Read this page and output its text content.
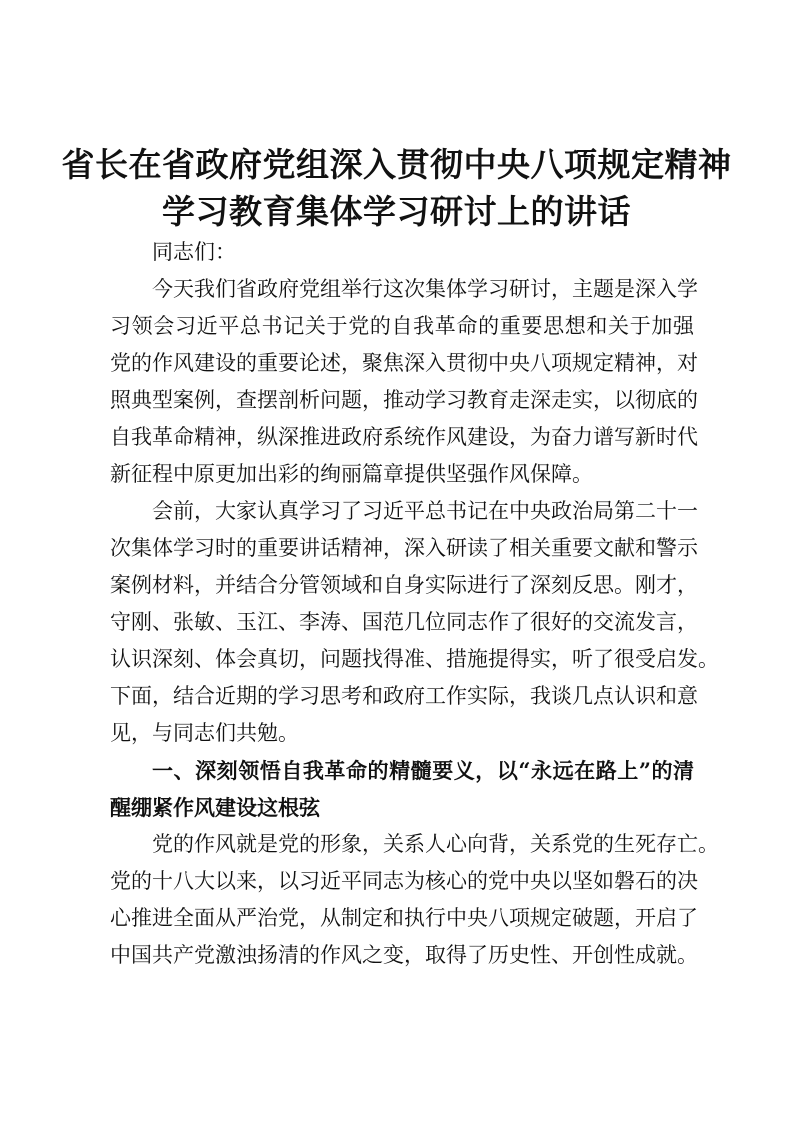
省长在省政府党组深入贯彻中央八项规定精神
学习教育集体学习研讨上的讲话
同志们：
今天我们省政府党组举行这次集体学习研讨，主题是深入学
习领会习近平总书记关于党的自我革命的重要思想和关于加强
党的作风建设的重要论述，聚焦深入贯彻中央八项规定精神，对
照典型案例，查摆剖析问题，推动学习教育走深走实，以彻底的
自我革命精神，纵深推进政府系统作风建设，为奋力谱写新时代
新征程中原更加出彩的绚丽篇章提供坚强作风保障。
会前，大家认真学习了习近平总书记在中央政治局第二十一
次集体学习时的重要讲话精神，深入研读了相关重要文献和警示
案例材料，并结合分管领域和自身实际进行了深刻反思。刚才，
守刚、张敏、玉江、李涛、国范几位同志作了很好的交流发言，
认识深刻、体会真切，问题找得准、措施提得实，听了很受启发。
下面，结合近期的学习思考和政府工作实际，我谈几点认识和意
见，与同志们共勉。
一、深刻领悟自我革命的精髓要义，以“永远在路上”的清
醒绷紧作风建设这根弦
党的作风就是党的形象，关系人心向背，关系党的生死存亡。
党的十八大以来，以习近平同志为核心的党中央以坚如磐石的决
心推进全面从严治党，从制定和执行中央八项规定破题，开启了
中国共产党激浊扬清的作风之变，取得了历史性、开创性成就。
